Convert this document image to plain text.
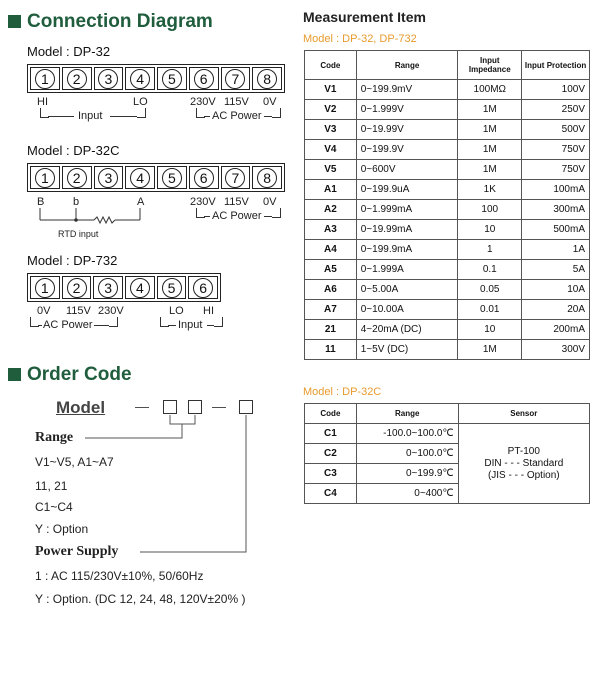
Connection Diagram
Model : DP-32
1	2	3	4	5	6	7	8
HI	LO	230V 115V 0V
Input	AC Power
Model : DP-32C
1	2	3	4	5	6	7	8
B	b	A
RTD input
230V 115V 0V
AC Power
Model : DP-732
1	2	3	4	5	6
0V 115V 230V	LO HI
AC Power	Input
Measurement Item
Model : DP-32, DP-732
Code	Range	Input Impedance	Input Protection
V1	0~199.9mV	100MΩ	100V
V2	0~1.999V	1M	250V
V3	0~19.99V	1M	500V
V4	0~199.9V	1M	750V
V5	0~600V	1M	750V
A1	0~199.9uA	1K	100mA
A2	0~1.999mA	100	300mA
A3	0~19.99mA	10	500mA
A4	0~199.9mA	1	1A
A5	0~1.999A	0.1	5A
A6	0~5.00A	0.05	10A
A7	0~10.00A	0.01	20A
21	4~20mA (DC)	10	200mA
11	1~5V (DC)	1M	300V
Model : DP-32C
Code	Range	Sensor
C1	-100.0~100.0℃	PT-100
DIN - - - Standard
(JIS - - - Option)

C2	0~100.0℃	
C3	0~199.9℃	
C4	0~400℃	
Order Code
Model —	—
Range
V1~V5, A1~A7
11, 21
C1~C4
Y : Option
Power Supply
1 : AC 115/230V±10%, 50/60Hz
Y : Option. (DC 12, 24, 48, 120V±20% )
